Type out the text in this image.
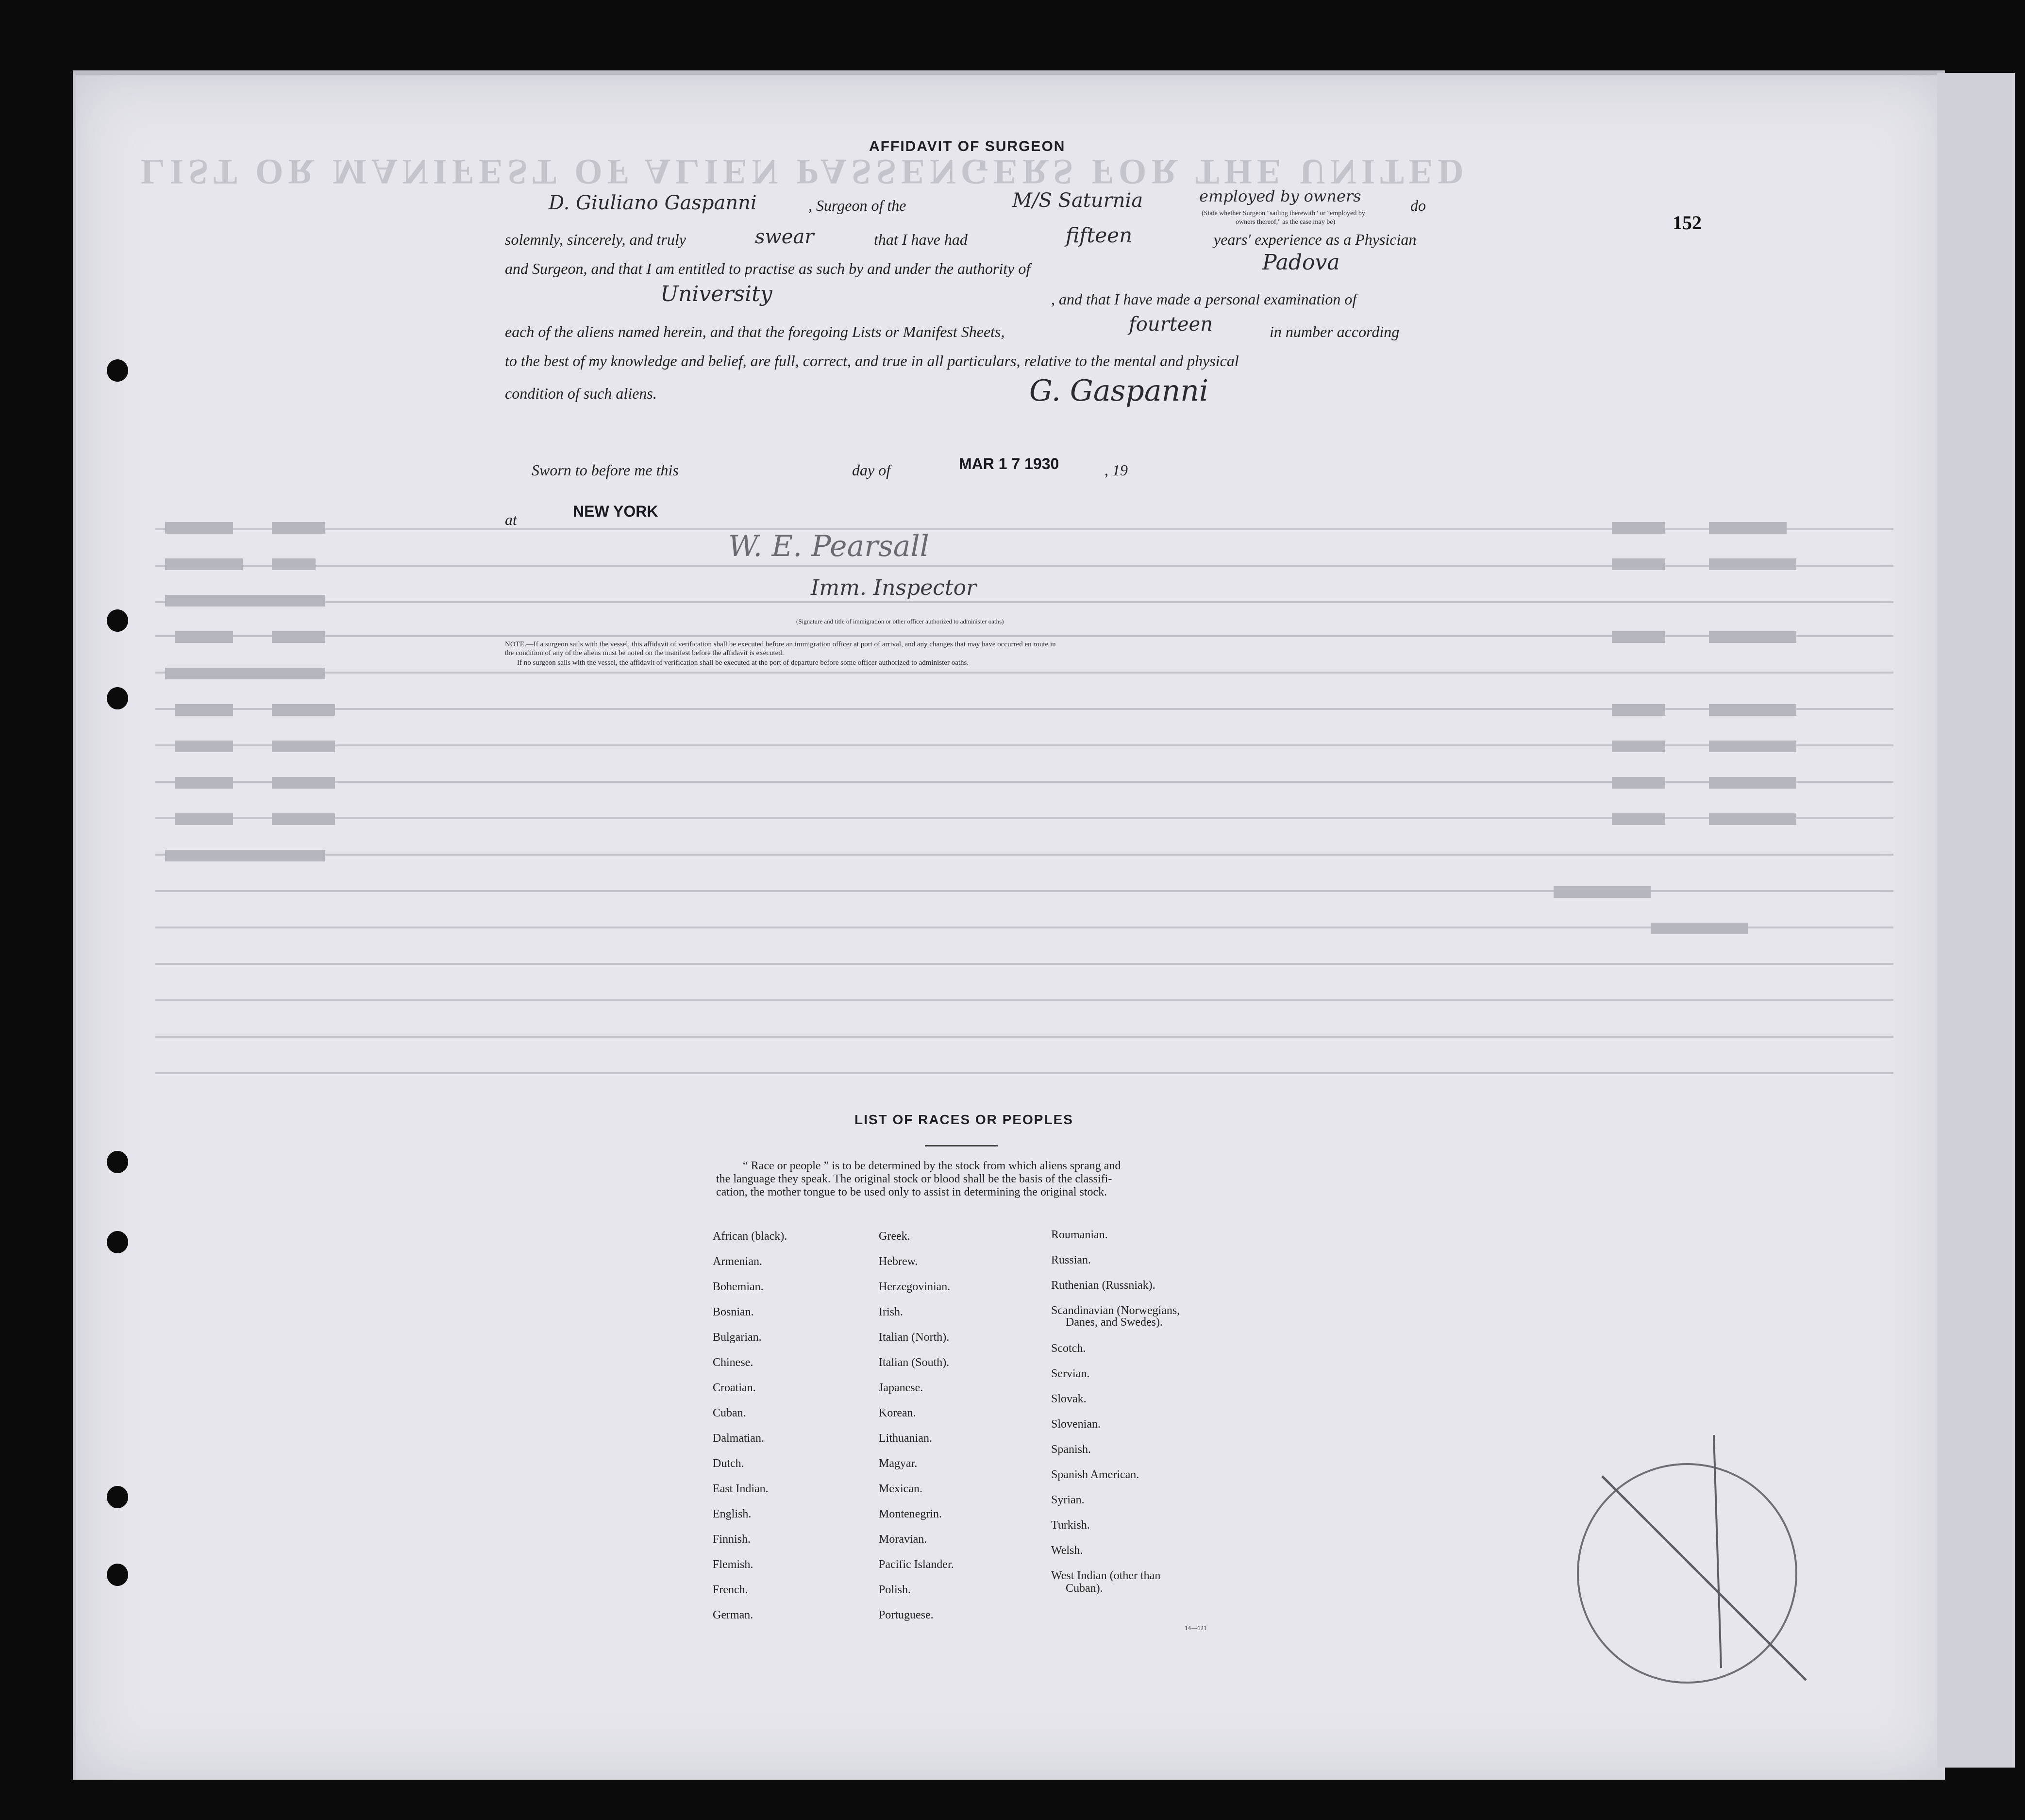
LIST OR MANIFEST OF ALIEN PASSENGERS FOR THE UNITED
152
AFFIDAVIT OF SURGEON
D. Giuliano Gaspanni	, Surgeon of the	M/S Saturnia	employed by owners	do
(State whether Surgeon "sailing therewith" or "employed by
owners thereof," as the case may be)
solemnly, sincerely, and truly	swear	that I have had	fifteen	years' experience as a Physician
and Surgeon, and that I am entitled to practise as such by and under the authority of	Padova
University	, and that I have made a personal examination of
each of the aliens named herein, and that the foregoing Lists or Manifest Sheets,	fourteen	in number according
to the best of my knowledge and belief, are full, correct, and true in all particulars, relative to the mental and physical
condition of such aliens.	G. Gaspanni
Sworn to before me this	day of	MAR 1 7 1930	, 19
at	NEW YORK
W. E. Pearsall
Imm. Inspector
(Signature and title of immigration or other officer authorized to administer oaths)
NOTE.—If a surgeon sails with the vessel, this affidavit of verification shall be executed before an immigration officer at port of arrival, and any changes that may have occurred en route in
the condition of any of the aliens must be noted on the manifest before the affidavit is executed.
If no surgeon sails with the vessel, the affidavit of verification shall be executed at the port of departure before some officer authorized to administer oaths.
LIST OF RACES OR PEOPLES
“ Race or people ” is to be determined by the stock from which aliens sprang and
the language they speak. The original stock or blood shall be the basis of the classifi-
cation, the mother tongue to be used only to assist in determining the original stock.
African (black).
Armenian.
Bohemian.
Bosnian.
Bulgarian.
Chinese.
Croatian.
Cuban.
Dalmatian.
Dutch.
East Indian.
English.
Finnish.
Flemish.
French.
German.
Greek.
Hebrew.
Herzegovinian.
Irish.
Italian (North).
Italian (South).
Japanese.
Korean.
Lithuanian.
Magyar.
Mexican.
Montenegrin.
Moravian.
Pacific Islander.
Polish.
Portuguese.
Roumanian.
Russian.
Ruthenian (Russniak).
Scandinavian (Norwegians,
Danes, and Swedes).
Scotch.
Servian.
Slovak.
Slovenian.
Spanish.
Spanish American.
Syrian.
Turkish.
Welsh.
West Indian (other than
Cuban).
14—621
